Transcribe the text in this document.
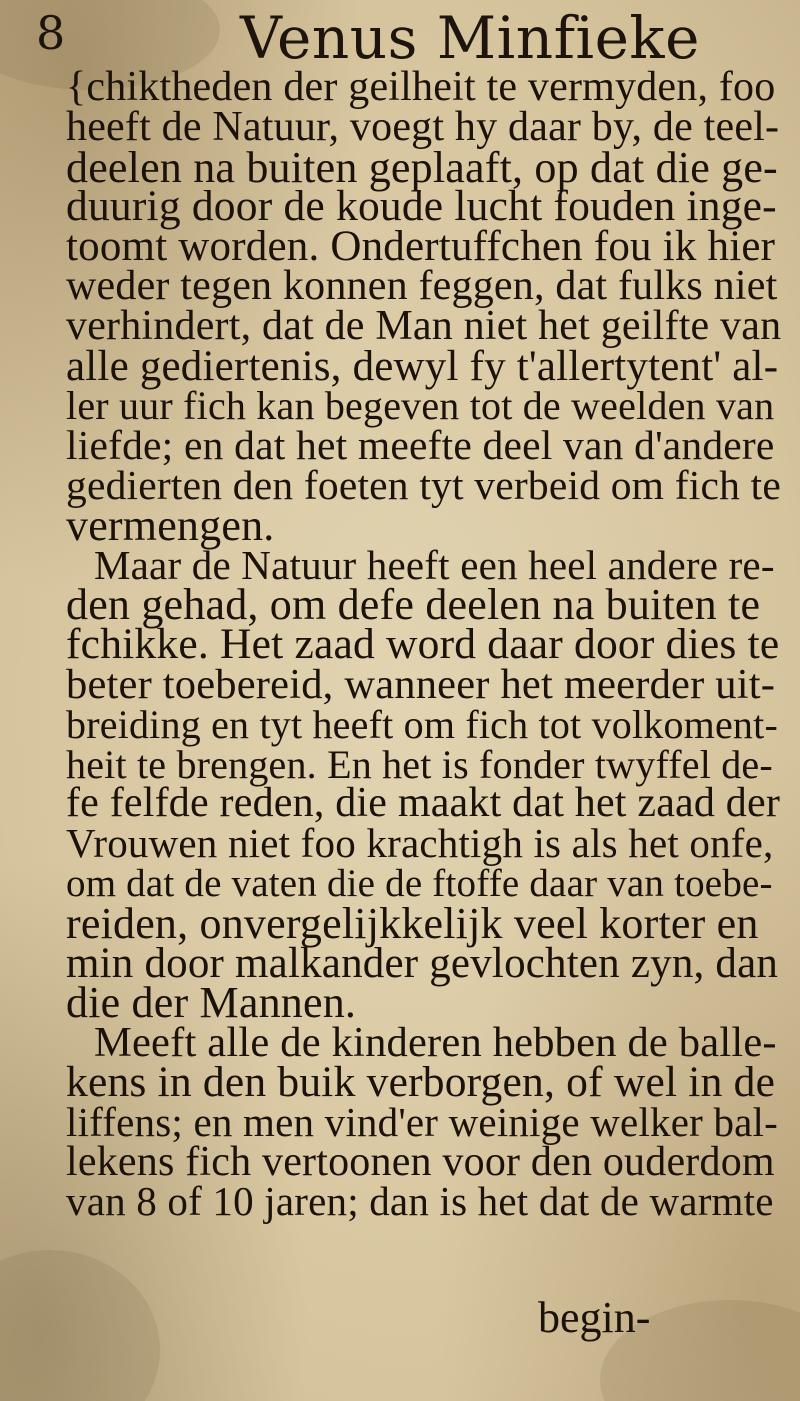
8	Venus Minfieke
{chiktheden der geilheit te vermyden, foo
heeft de Natuur, voegt hy daar by, de teel-
deelen na buiten geplaaft, op dat die ge-
duurig door de koude lucht fouden inge-
toomt worden. Ondertuffchen fou ik hier
weder tegen konnen feggen, dat fulks niet
verhindert, dat de Man niet het geilfte van
alle gediertenis, dewyl fy t'allertytent' al-
ler uur fich kan begeven tot de weelden van
liefde; en dat het meefte deel van d'andere
gedierten den foeten tyt verbeid om fich te
vermengen.
Maar de Natuur heeft een heel andere re-
den gehad, om defe deelen na buiten te
fchikke. Het zaad word daar door dies te
beter toebereid, wanneer het meerder uit-
breiding en tyt heeft om fich tot volkoment-
heit te brengen. En het is fonder twyffel de-
fe felfde reden, die maakt dat het zaad der
Vrouwen niet foo krachtigh is als het onfe,
om dat de vaten die de ftoffe daar van toebe-
reiden, onvergelijkkelijk veel korter en
min door malkander gevlochten zyn, dan
die der Mannen.
Meeft alle de kinderen hebben de balle-
kens in den buik verborgen, of wel in de
liffens; en men vind'er weinige welker bal-
lekens fich vertoonen voor den ouderdom
van 8 of 10 jaren; dan is het dat de warmte
begin-
